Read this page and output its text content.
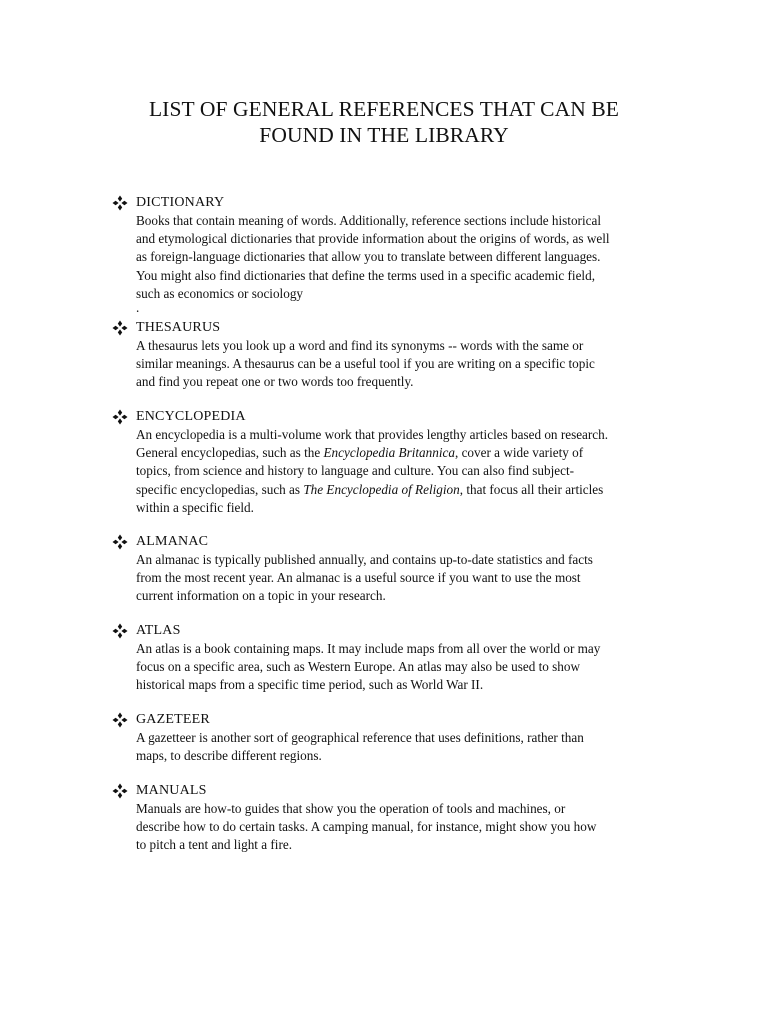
LIST OF GENERAL REFERENCES THAT CAN BE
FOUND IN THE LIBRARY
DICTIONARY
Books that contain meaning of words. Additionally, reference sections include historical
and etymological dictionaries that provide information about the origins of words, as well
as foreign-language dictionaries that allow you to translate between different languages.
You might also find dictionaries that define the terms used in a specific academic field,
such as economics or sociology
.
THESAURUS
A thesaurus lets you look up a word and find its synonyms -- words with the same or
similar meanings. A thesaurus can be a useful tool if you are writing on a specific topic
and find you repeat one or two words too frequently.
ENCYCLOPEDIA
An encyclopedia is a multi-volume work that provides lengthy articles based on research.
General encyclopedias, such as the Encyclopedia Britannica, cover a wide variety of
topics, from science and history to language and culture. You can also find subject-
specific encyclopedias, such as The Encyclopedia of Religion, that focus all their articles
within a specific field.
ALMANAC
An almanac is typically published annually, and contains up-to-date statistics and facts
from the most recent year. An almanac is a useful source if you want to use the most
current information on a topic in your research.
ATLAS
An atlas is a book containing maps. It may include maps from all over the world or may
focus on a specific area, such as Western Europe. An atlas may also be used to show
historical maps from a specific time period, such as World War II.
GAZETEER
A gazetteer is another sort of geographical reference that uses definitions, rather than
maps, to describe different regions.
MANUALS
Manuals are how-to guides that show you the operation of tools and machines, or
describe how to do certain tasks. A camping manual, for instance, might show you how
to pitch a tent and light a fire.
